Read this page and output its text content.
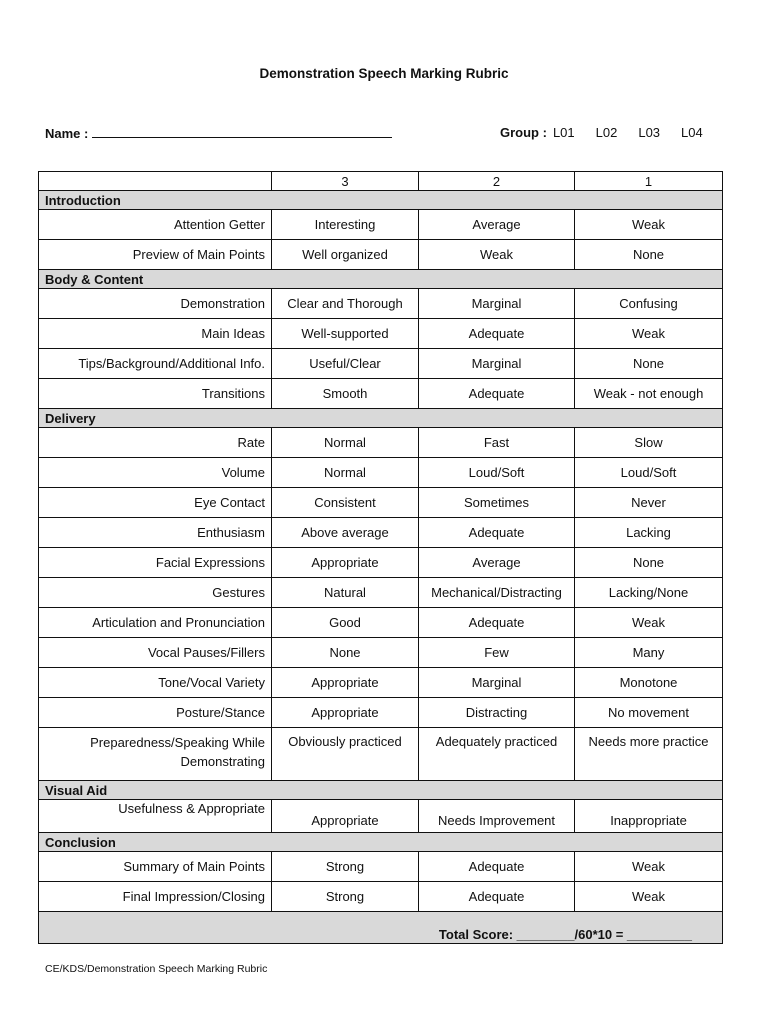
Demonstration Speech Marking Rubric
Name :	Group : L01 L02 L03 L04
	3	2	1
Introduction			
Attention Getter	Interesting	Average	Weak
Preview of Main Points	Well organized	Weak	None
Body & Content			
Demonstration	Clear and Thorough	Marginal	Confusing
Main Ideas	Well-supported	Adequate	Weak
Tips/Background/Additional Info.	Useful/Clear	Marginal	None
Transitions	Smooth	Adequate	Weak - not enough
Delivery			
Rate	Normal	Fast	Slow
Volume	Normal	Loud/Soft	Loud/Soft
Eye Contact	Consistent	Sometimes	Never
Enthusiasm	Above average	Adequate	Lacking
Facial Expressions	Appropriate	Average	None
Gestures	Natural	Mechanical/Distracting	Lacking/None
Articulation and Pronunciation	Good	Adequate	Weak
Vocal Pauses/Fillers	None	Few	Many
Tone/Vocal Variety	Appropriate	Marginal	Monotone
Posture/Stance	Appropriate	Distracting	No movement

Preparedness/Speaking While
Demonstrating	Obviously practiced	Adequately practiced	Needs more practice
Visual Aid			
Usefulness & Appropriate	Appropriate	Needs Improvement	Inappropriate
Conclusion			
Summary of Main Points	Strong	Adequate	Weak
Final Impression/Closing	Strong	Adequate	Weak
Total Score: ________/60*10 = _________			
CE/KDS/Demonstration Speech Marking Rubric
